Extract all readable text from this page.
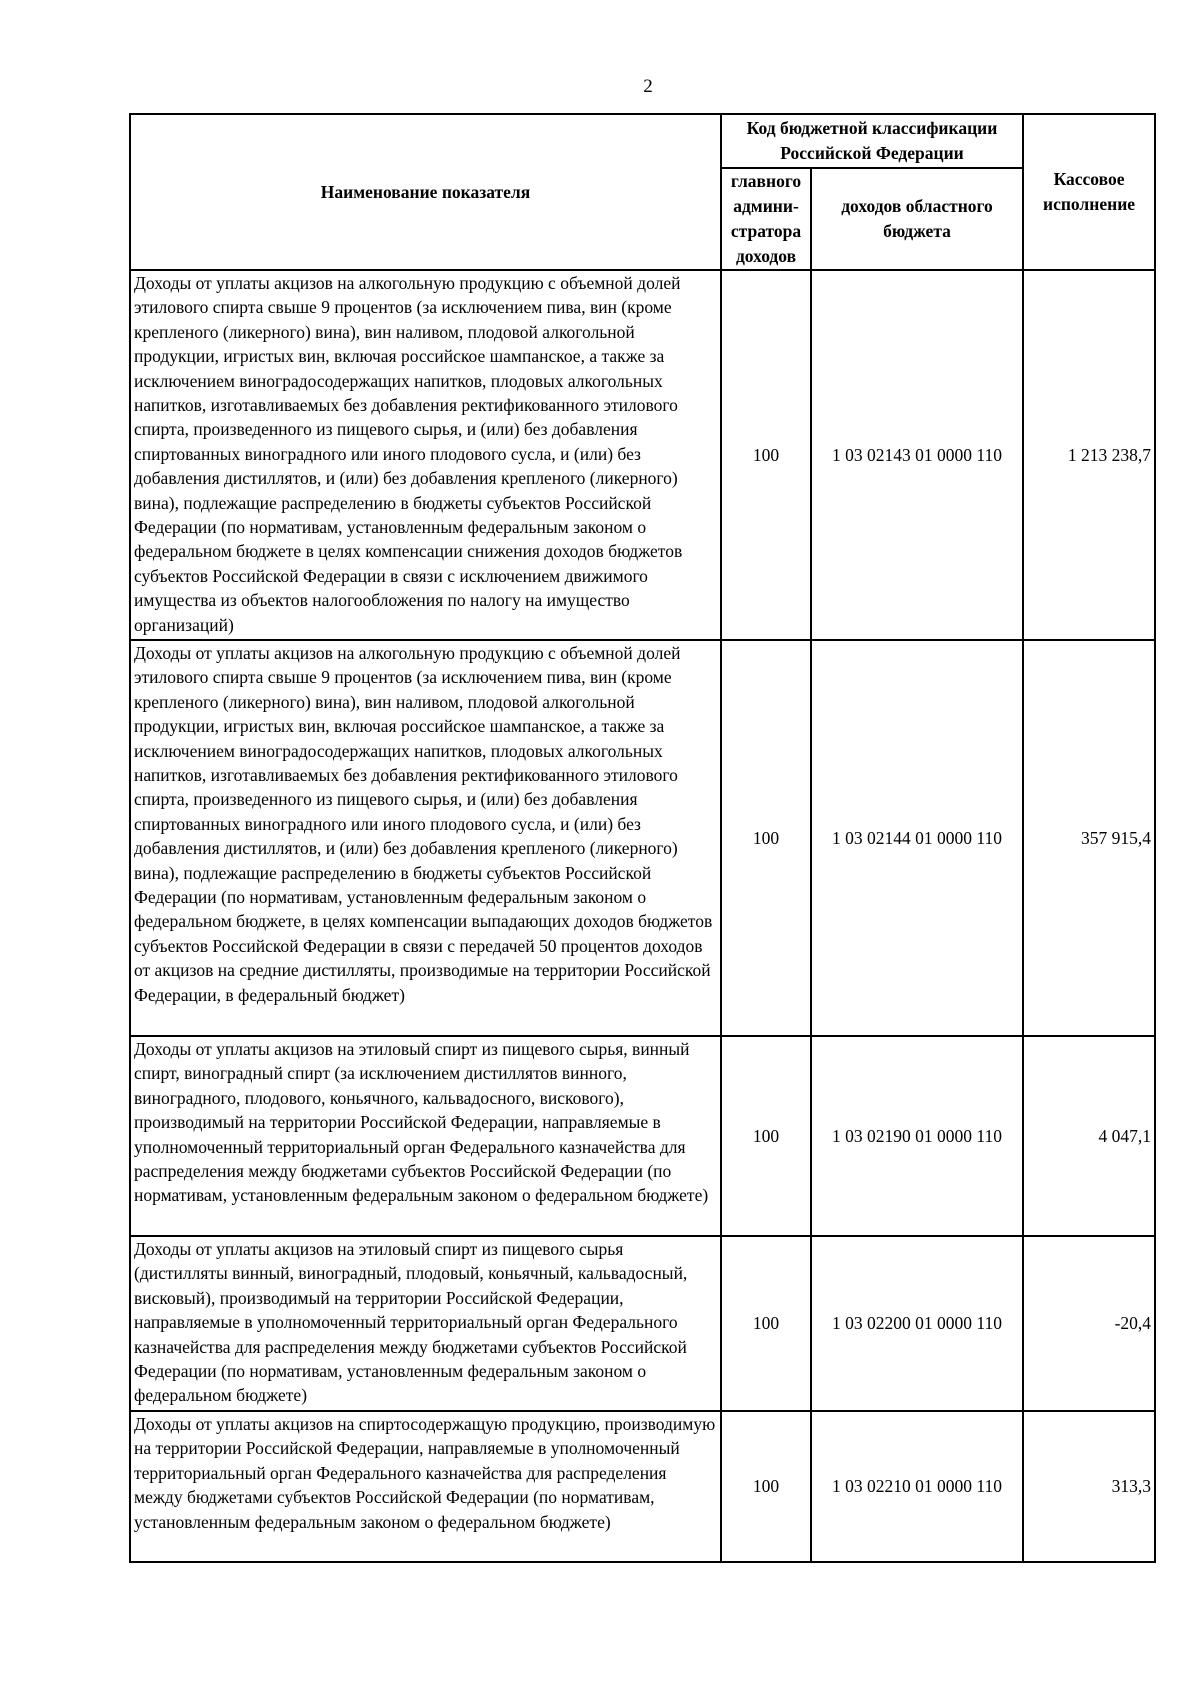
2
Наименование показателя	Код бюджетной классификации Российской Федерации		Кассовое исполнение
	главного админи-стратора доходов	доходов областного бюджета	
Доходы от уплаты акцизов на алкогольную продукцию с объемной долей этилового спирта свыше 9 процентов (за исключением пива, вин (кроме крепленого (ликерного) вина), вин наливом, плодовой алкогольной продукции, игристых вин, включая российское шампанское, а также за исключением виноградосодержащих напитков, плодовых алкогольных напитков, изготавливаемых без добавления ректификованного этилового спирта, произведенного из пищевого сырья, и (или) без добавления спиртованных виноградного или иного плодового сусла, и (или) без добавления дистиллятов, и (или) без добавления крепленого (ликерного) вина), подлежащие распределению в бюджеты субъектов Российской Федерации (по нормативам, установленным федеральным законом о федеральном бюджете в целях компенсации снижения доходов бюджетов субъектов Российской Федерации в связи с исключением движимого имущества из объектов налогообложения по налогу на имущество организаций)	100	1 03 02143 01 0000 110	1 213 238,7
Доходы от уплаты акцизов на алкогольную продукцию с объемной долей этилового спирта свыше 9 процентов (за исключением пива, вин (кроме крепленого (ликерного) вина), вин наливом, плодовой алкогольной продукции, игристых вин, включая российское шампанское, а также за исключением виноградосодержащих напитков, плодовых алкогольных напитков, изготавливаемых без добавления ректификованного этилового спирта, произведенного из пищевого сырья, и (или) без добавления спиртованных виноградного или иного плодового сусла, и (или) без добавления дистиллятов, и (или) без добавления крепленого (ликерного) вина), подлежащие распределению в бюджеты субъектов Российской Федерации (по нормативам, установленным федеральным законом о федеральном бюджете, в целях компенсации выпадающих доходов бюджетов субъектов Российской Федерации в связи с передачей 50 процентов доходов от акцизов на средние дистилляты, производимые на территории Российской Федерации, в федеральный бюджет)	100	1 03 02144 01 0000 110	357 915,4
Доходы от уплаты акцизов на этиловый спирт из пищевого сырья, винный спирт, виноградный спирт (за исключением дистиллятов винного, виноградного, плодового, коньячного, кальвадосного, вискового), производимый на территории Российской Федерации, направляемые в уполномоченный территориальный орган Федерального казначейства для распределения между бюджетами субъектов Российской Федерации (по нормативам, установленным федеральным законом о федеральном бюджете)	100	1 03 02190 01 0000 110	4 047,1
Доходы от уплаты акцизов на этиловый спирт из пищевого сырья (дистилляты винный, виноградный, плодовый, коньячный, кальвадосный, висковый), производимый на территории Российской Федерации, направляемые в уполномоченный территориальный орган Федерального казначейства для распределения между бюджетами субъектов Российской Федерации (по нормативам, установленным федеральным законом о федеральном бюджете)	100	1 03 02200 01 0000 110	-20,4
Доходы от уплаты акцизов на спиртосодержащую продукцию, производимую на территории Российской Федерации, направляемые в уполномоченный территориальный орган Федерального казначейства для распределения между бюджетами субъектов Российской Федерации (по нормативам, установленным федеральным законом о федеральном бюджете)	100	1 03 02210 01 0000 110	313,3
